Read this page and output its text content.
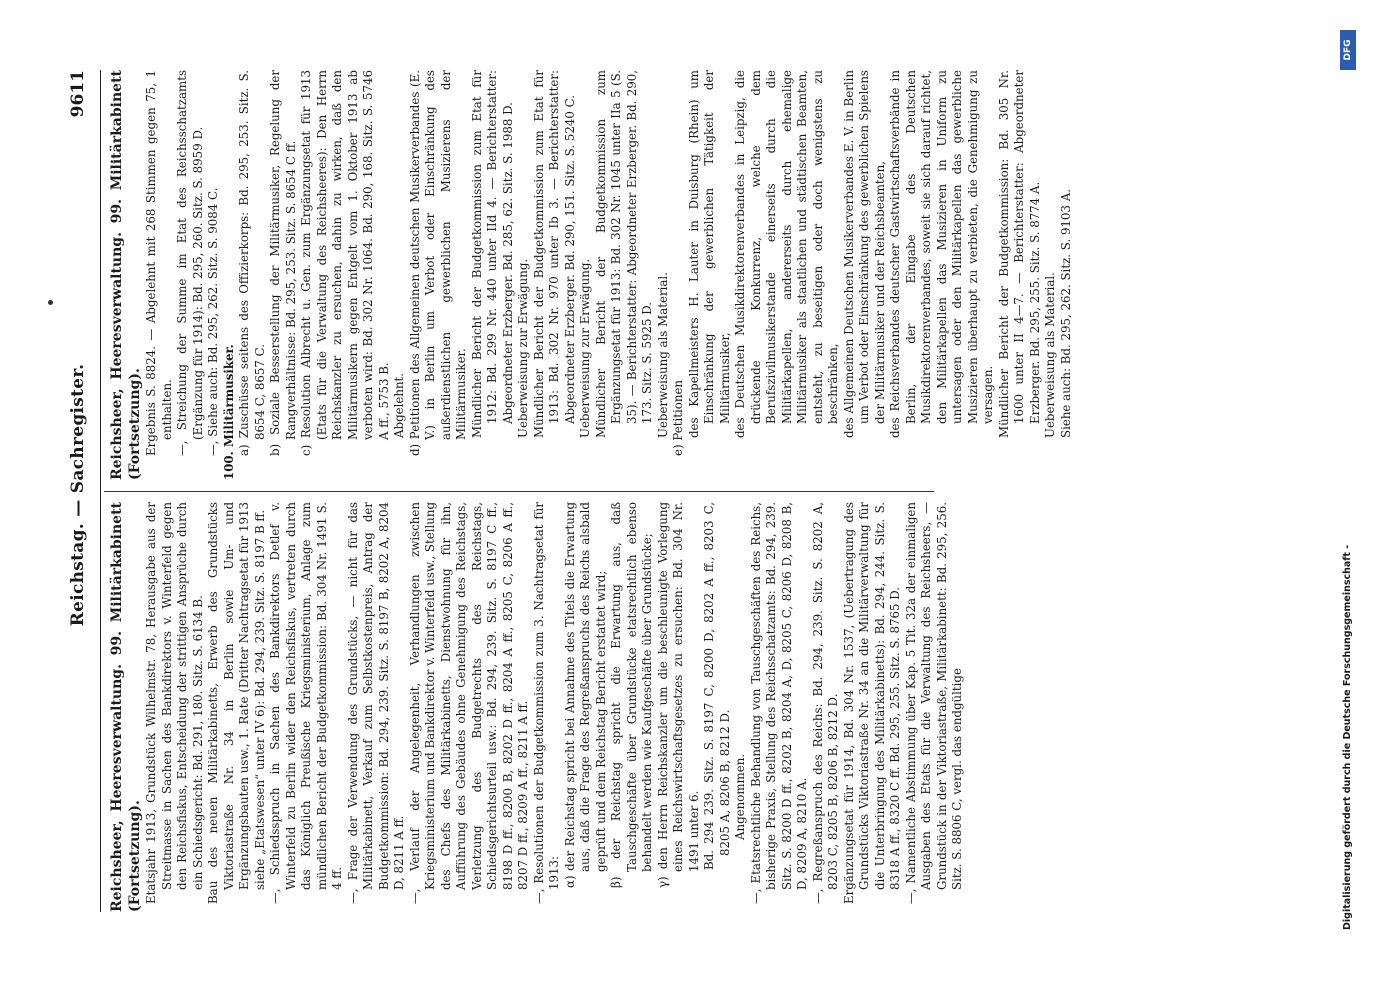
Reichstag. — Sachregister.
9611

Reichsheer, Heeresverwaltung. 99. Militärkabinett (Fortsetzung). Etatsjahr 1913, Grundstück Wilhelmstr. 78, Herausgabe aus der Streitmasse in Sachen des Bankdirektors v. Winterfeld gegen den Reichsfiskus, Entscheidung der strittigen Ansprüche durch ein Schiedsgericht: Bd. 291, 180. Sitz. S. 6134 B. Bau des neuen Militärkabinetts, Erwerb des Grundstücks Viktoriastraße Nr. 34 in Berlin sowie Um- und Ergänzungsbauten usw., 1. Rate (Dritter Nachtragsetat für 1913 siehe „Etatswesen“ unter IV 6): Bd. 294, 239. Sitz. S. 8197 B ff. —, Schiedsspruch in Sachen des Bankdirektors Detlef v. Winterfeld zu Berlin wider den Reichsfiskus, vertreten durch das Königlich Preußische Kriegsministerium, Anlage zum mündlichen Bericht der Budgetkommission: Bd. 304 Nr. 1491 S. 4 ff. —, Frage der Verwendung des Grundstücks, — nicht für das Militärkabinett, Verkauf zum Selbstkostenpreis, Antrag der Budgetkommission: Bd. 294, 239. Sitz. S. 8197 B, 8202 A, 8204 D, 8211 A ff. —, Verlauf der Angelegenheit, Verhandlungen zwischen Kriegsministerium und Bankdirektor v. Winterfeld usw., Stellung des Chefs des Militärkabinetts, Dienstwohnung für ihn, Aufführung des Gebäudes ohne Genehmigung des Reichstags, Verletzung des Budgetrechts des Reichstags, Schiedsgerichtsurteil usw.: Bd. 294, 239. Sitz. S. 8197 C ff., 8198 D ff., 8200 B, 8202 D ff., 8204 A ff., 8205 C, 8206 A ff., 8207 D ff., 8209 A ff., 8211 A ff. —, Resolutionen der Budgetkommission zum 3. Nachtragsetat für 1913: α) der Reichstag spricht bei Annahme des Titels die Erwartung aus, daß die Frage des Regreßanspruchs des Reichs alsbald geprüft und dem Reichstag Bericht erstattet wird; β) der Reichstag spricht die Erwartung aus, daß Tauschgeschäfte über Grundstücke etatsrechtlich ebenso behandelt werden wie Kaufgeschäfte über Grundstücke; γ) den Herrn Reichskanzler um die beschleunigte Vorlegung eines Reichswirtschaftsgesetzes zu ersuchen: Bd. 304 Nr. 1491 unter 6. Bd. 294 239. Sitz. S. 8197 C, 8200 D, 8202 A ff., 8203 C, 8205 A, 8206 B, 8212 D. Angenommen. —, Etatsrechtliche Behandlung von Tauschgeschäften des Reichs, bisherige Praxis, Stellung des Reichsschatzamts: Bd. 294, 239. Sitz. S. 8200 D ff., 8202 B, 8204 A, D, 8205 C, 8206 D, 8208 B, D, 8209 A, 8210 A. —, Regreßanspruch des Reichs: Bd. 294, 239. Sitz. S. 8202 A, 8203 C, 8205 B, 8206 B, 8212 D. Ergänzungsetat für 1914, Bd. 304 Nr. 1537, (Uebertragung des Grundstücks Viktoriastraße Nr. 34 an die Militärverwaltung für die Unterbringung des Militärkabinetts): Bd. 294, 244. Sitz. S. 8318 A ff., 8320 C ff. Bd. 295, 255. Sitz. S. 8765 D. —, Namentliche Abstimmung über Kap. 5 Tit. 32a der einmaligen Ausgaben des Etats für die Verwaltung des Reichsheers, — Grundstück in der Viktoriastraße, Militärkabinett: Bd. 295, 256. Sitz. S. 8806 C, vergl. das endgültige

Reichsheer, Heeresverwaltung. 99. Militärkabinett (Fortsetzung). Ergebnis S. 8824. — Abgelehnt mit 268 Stimmen gegen 75, 1 enthalten. —, Streichung der Summe im Etat des Reichsschatzamts (Ergänzung für 1914): Bd. 295, 260. Sitz. S. 8959 D. —, Siehe auch: Bd. 295, 262. Sitz. S. 9084 C. 100. Militärmusiker. a) Zuschüsse seitens des Offizierkorps: Bd. 295, 253. Sitz. S. 8654 C, 8657 C. b) Soziale Besserstellung der Militärmusiker, Regelung der Rangverhältnisse: Bd. 295, 253. Sitz. S. 8654 C ff. c) Resolution Albrecht u. Gen. zum Ergänzungsetat für 1913 (Etats für die Verwaltung des Reichsheeres): Den Herrn Reichskanzler zu ersuchen, dahin zu wirken, daß den Militärmusikern gegen Entgelt vom 1. Oktober 1913 ab verboten wird: Bd. 302 Nr. 1064. Bd. 290, 168. Sitz. S. 5746 A ff., 5753 B. Abgelehnt. d) Petitionen des Allgemeinen deutschen Musikerverbandes (E. V.) in Berlin um Verbot oder Einschränkung des außerdienstlichen gewerblichen Musizierens der Militärmusiker. Mündlicher Bericht der Budgetkommission zum Etat für 1912: Bd. 299 Nr. 440 unter IId 4. — Berichterstatter: Abgeordneter Erzberger. Bd. 285, 62. Sitz. S. 1988 D. Ueberweisung zur Erwägung. Mündlicher Bericht der Budgetkommission zum Etat für 1913: Bd. 302 Nr. 970 unter Ib 3. — Berichterstatter: Abgeordneter Erzberger. Bd. 290, 151. Sitz. S. 5240 C. Ueberweisung zur Erwägung. Mündlicher Bericht der Budgetkommission zum Ergänzungsetat für 1913: Bd. 302 Nr. 1045 unter IIa 5 (S. 35). — Berichterstatter: Abgeordneter Erzberger. Bd. 290, 173. Sitz. S. 5925 D. Ueberweisung als Material. e) Petitionen des Kapellmeisters H. Lauter in Duisburg (Rhein) um Einschränkung der gewerblichen Tätigkeit der Militärmusiker, des Deutschen Musikdirektorenverbandes in Leipzig, die drückende Konkurrenz, welche dem Berufszivilmusikerstande einerseits durch die Militärkapellen, andererseits durch ehemalige Militärmusiker als staatlichen und städtischen Beamten, entsteht, zu beseitigen oder doch wenigstens zu beschränken, des Allgemeinen Deutschen Musikerverbandes E. V. in Berlin um Verbot oder Einschränkung des gewerblichen Spielens der Militärmusiker und der Reichsbeamten, des Reichsverbandes deutscher Gastwirtschaftsverbände in Berlin, der Eingabe des Deutschen Musikdirektorenverbandes, soweit sie sich darauf richtet, den Militärkapellen das Musizieren in Uniform zu untersagen oder den Militärkapellen das gewerbliche Musizieren überhaupt zu verbieten, die Genehmigung zu versagen. Mündlicher Bericht der Budgetkommission: Bd. 305 Nr. 1600 unter II 4—7. — Berichterstatter: Abgeordneter Erzberger. Bd. 295, 255. Sitz. S. 8774 A. Ueberweisung als Material. Siehe auch: Bd. 295, 262. Sitz. S. 9103 A.

Digitalisierung gefördert durch die Deutsche Forschungsgemeinschaft -
DFG
